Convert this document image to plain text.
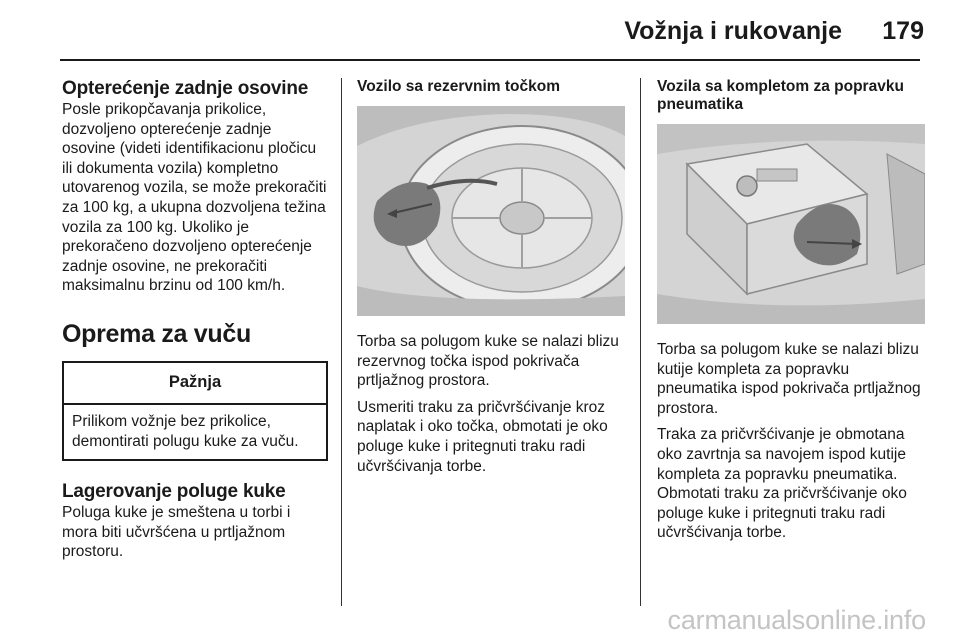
Vožnja i rukovanje 179
Opterećenje zadnje osovine

Posle prikopčavanja prikolice, dozvoljeno opterećenje zadnje osovine (videti identifikacionu pločicu ili dokumenta vozila) kompletno utovarenog vozila, se može prekoračiti za 100 kg, a ukupna dozvoljena težina vozila za 100 kg. Ukoliko je prekoračeno dozvoljeno opterećenje zadnje osovine, ne prekoračiti maksimalnu brzinu od 100 km/h.

Oprema za vuču
Pažnja
Prilikom vožnje bez prikolice, demontirati polugu kuke za vuču.
Lagerovanje poluge kuke

Poluga kuke je smeštena u torbi i mora biti učvršćena u prtljažnom prostoru.

Vozilo sa rezervnim točkom

Torba sa polugom kuke se nalazi blizu rezervnog točka ispod pokrivača prtljažnog prostora.

Usmeriti traku za pričvršćivanje kroz naplatak i oko točka, obmotati je oko poluge kuke i pritegnuti traku radi učvršćivanja torbe.

Vozila sa kompletom za popravku pneumatika

Torba sa polugom kuke se nalazi blizu kutije kompleta za popravku pneumatika ispod pokrivača prtljažnog prostora.

Traka za pričvršćivanje je obmotana oko zavrtnja sa navojem ispod kutije kompleta za popravku pneumatika. Obmotati traku za pričvršćivanje oko poluge kuke i pritegnuti traku radi učvršćivanja torbe.

carmanualsonline.info
